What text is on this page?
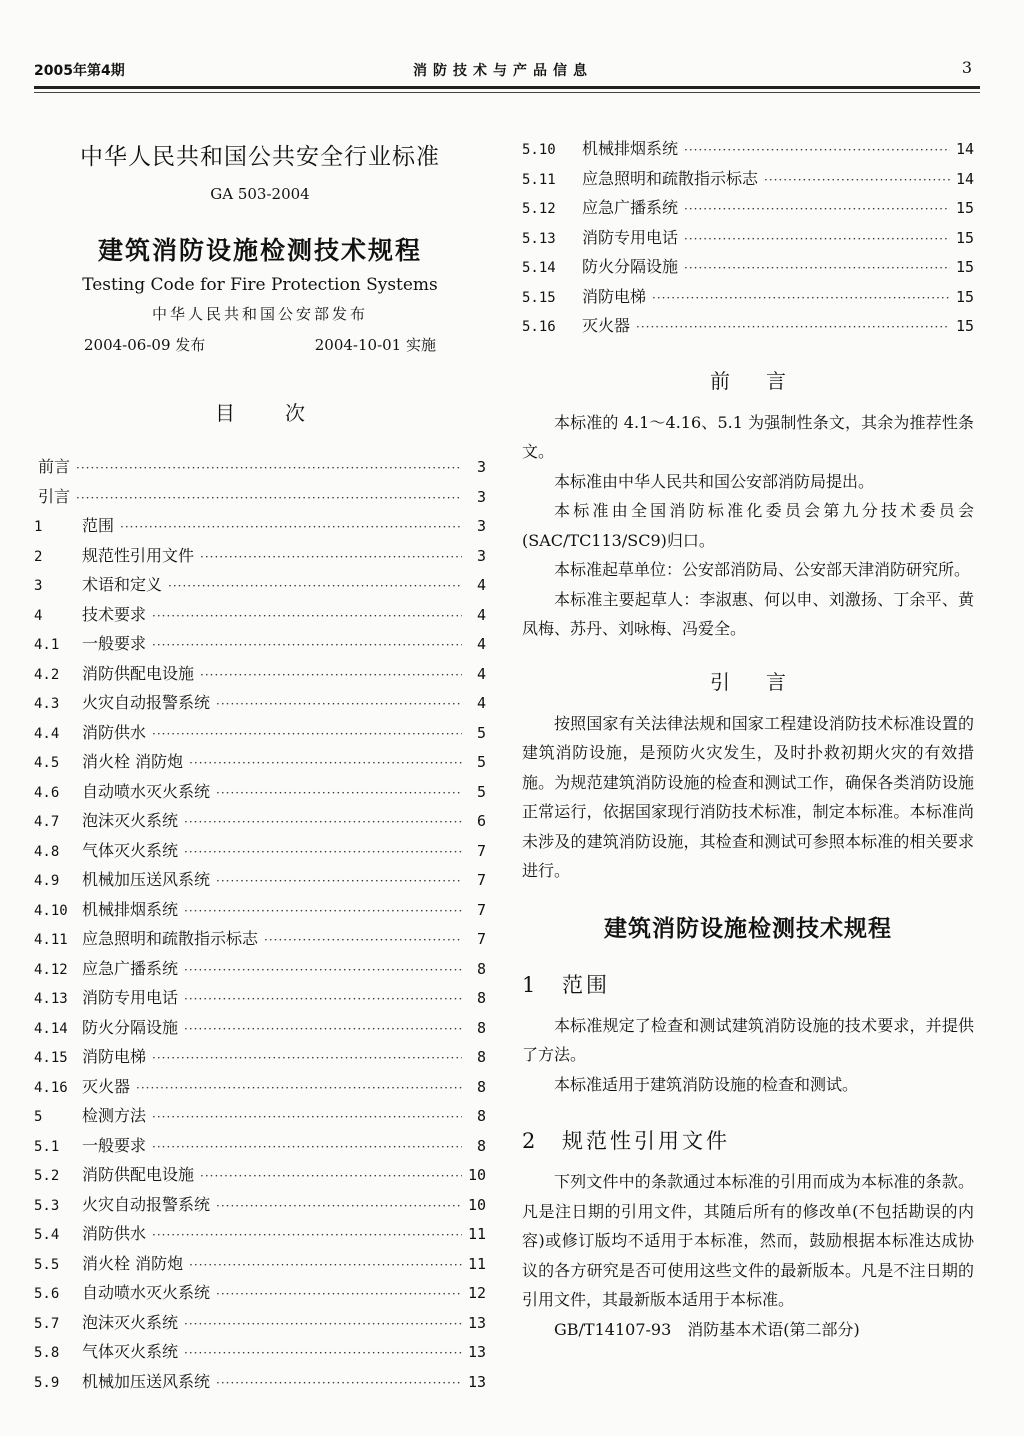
2005年第4期	消防技术与产品信息	3
中华人民共和国公共安全行业标准
GA 503-2004
建筑消防设施检测技术规程
Testing Code for Fire Protection Systems
中华人民共和国公安部发布
2004-06-09 发布	2004-10-01 实施
目次
前言 ·····	3
引言 ·····	3
1	范围 ·····	3
2	规范性引用文件 ·····	3
3	术语和定义 ·····	4
4	技术要求 ·····	4
4.1	一般要求 ·····	4
4.2	消防供配电设施 ·····	4
4.3	火灾自动报警系统 ·····	4
4.4	消防供水 ·····	5
4.5	消火栓 消防炮 ·····	5
4.6	自动喷水灭火系统 ·····	5
4.7	泡沫灭火系统 ·····	6
4.8	气体灭火系统 ·····	7
4.9	机械加压送风系统 ·····	7
4.10 机械排烟系统 ·····	7
4.11 应急照明和疏散指示标志 ·····	7
4.12 应急广播系统 ·····	8
4.13 消防专用电话 ·····	8
4.14 防火分隔设施 ·····	8
4.15 消防电梯 ·····	8
4.16 灭火器 ·····	8
5	检测方法 ·····	8
5.1	一般要求 ·····	8
5.2	消防供配电设施 ·····	10
5.3	火灾自动报警系统 ·····	10
5.4	消防供水 ·····	11
5.5	消火栓 消防炮 ·····	11
5.6	自动喷水灭火系统 ·····	12
5.7	泡沫灭火系统 ·····	13
5.8	气体灭火系统 ·····	13
5.9	机械加压送风系统 ·····	13
5.10	机械排烟系统 ·····	14
5.11	应急照明和疏散指示标志 ·····	14
5.12	应急广播系统 ·····	15
5.13	消防专用电话 ·····	15
5.14	防火分隔设施 ·····	15
5.15	消防电梯 ·····	15
5.16	灭火器 ·····	15
前言

本标准的 4.1～4.16、5.1 为强制性条文，其余为推荐性条文。

本标准由中华人民共和国公安部消防局提出。

本标准由全国消防标准化委员会第九分技术委员会(SAC/TC113/SC9)归口。

本标准起草单位：公安部消防局、公安部天津消防研究所。

本标准主要起草人：李淑惠、何以申、刘激扬、丁余平、黄凤梅、苏丹、刘咏梅、冯爱全。

引言

按照国家有关法律法规和国家工程建设消防技术标准设置的建筑消防设施，是预防火灾发生，及时扑救初期火灾的有效措施。为规范建筑消防设施的检查和测试工作，确保各类消防设施正常运行，依据国家现行消防技术标准，制定本标准。本标准尚未涉及的建筑消防设施，其检查和测试可参照本标准的相关要求进行。

建筑消防设施检测技术规程
1 范围

本标准规定了检查和测试建筑消防设施的技术要求，并提供了方法。

本标准适用于建筑消防设施的检查和测试。

2 规范性引用文件

下列文件中的条款通过本标准的引用而成为本标准的条款。凡是注日期的引用文件，其随后所有的修改单(不包括勘误的内容)或修订版均不适用于本标准，然而，鼓励根据本标准达成协议的各方研究是否可使用这些文件的最新版本。凡是不注日期的引用文件，其最新版本适用于本标准。

GB/T14107-93　消防基本术语(第二部分)
